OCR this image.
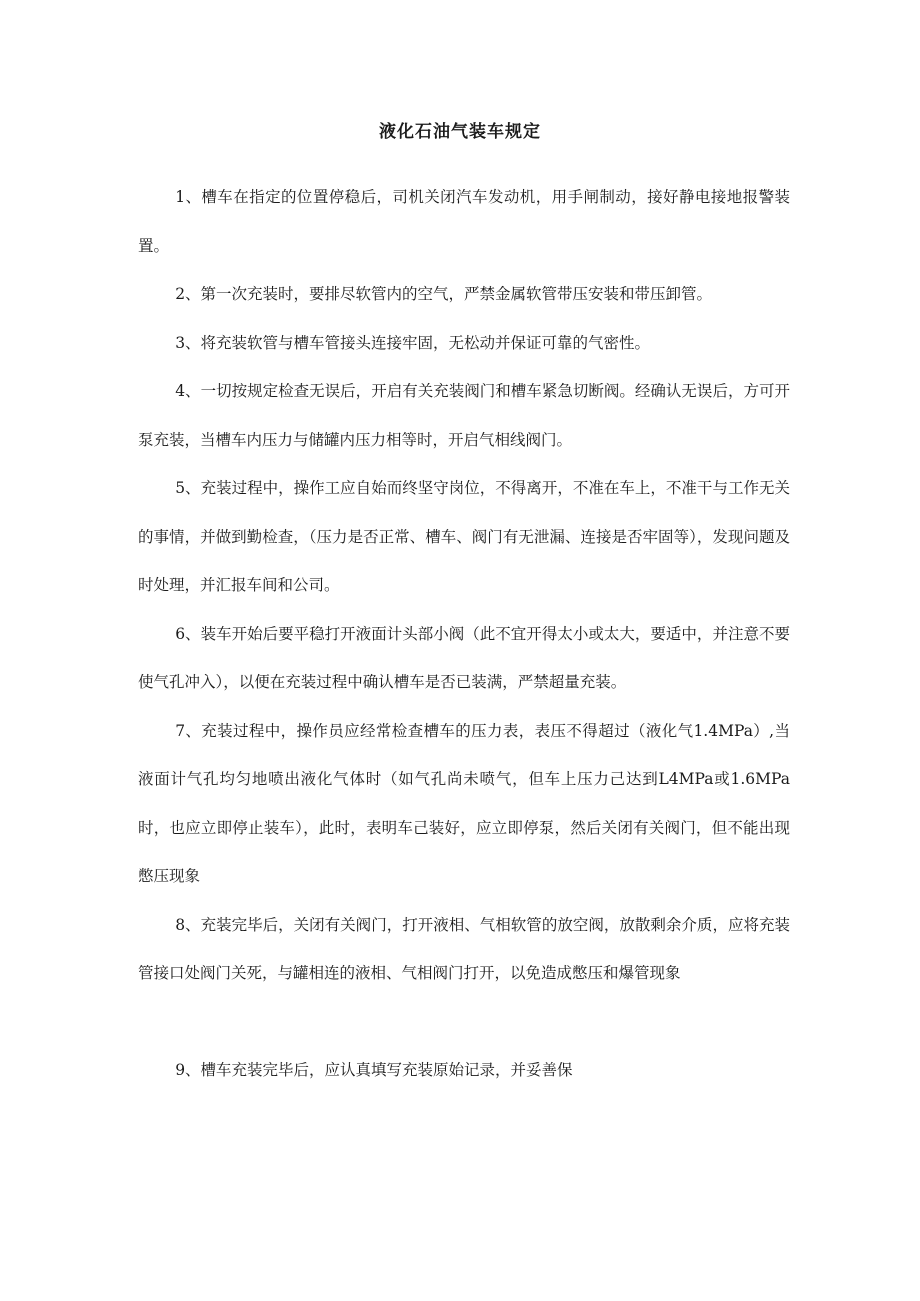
液化石油气装车规定

1、槽车在指定的位置停稳后，司机关闭汽车发动机，用手闸制动，接好静电接地报警装置。

2、第一次充装时，要排尽软管内的空气，严禁金属软管带压安装和带压卸管。

3、将充装软管与槽车管接头连接牢固，无松动并保证可靠的气密性。

4、一切按规定检查无误后，开启有关充装阀门和槽车紧急切断阀。经确认无误后，方可开泵充装，当槽车内压力与储罐内压力相等时，开启气相线阀门。

5、充装过程中，操作工应自始而终坚守岗位，不得离开，不准在车上，不准干与工作无关的事情，并做到勤检查，（压力是否正常、槽车、阀门有无泄漏、连接是否牢固等），发现问题及时处理，并汇报车间和公司。

6、装车开始后要平稳打开液面计头部小阀（此不宜开得太小或太大，要适中，并注意不要使气孔冲入），以便在充装过程中确认槽车是否已装满，严禁超量充装。

7、充装过程中，操作员应经常检查槽车的压力表，表压不得超过（液化气1.4MPa）,当液面计气孔均匀地喷出液化气体时（如气孔尚未喷气，但车上压力己达到L4MPa或1.6MPa时，也应立即停止装车），此时，表明车己装好，应立即停泵，然后关闭有关阀门，但不能出现憋压现象

8、充装完毕后，关闭有关阀门，打开液相、气相软管的放空阀，放散剩余介质，应将充装管接口处阀门关死，与罐相连的液相、气相阀门打开，以免造成憋压和爆管现象

9、槽车充装完毕后，应认真填写充装原始记录，并妥善保
